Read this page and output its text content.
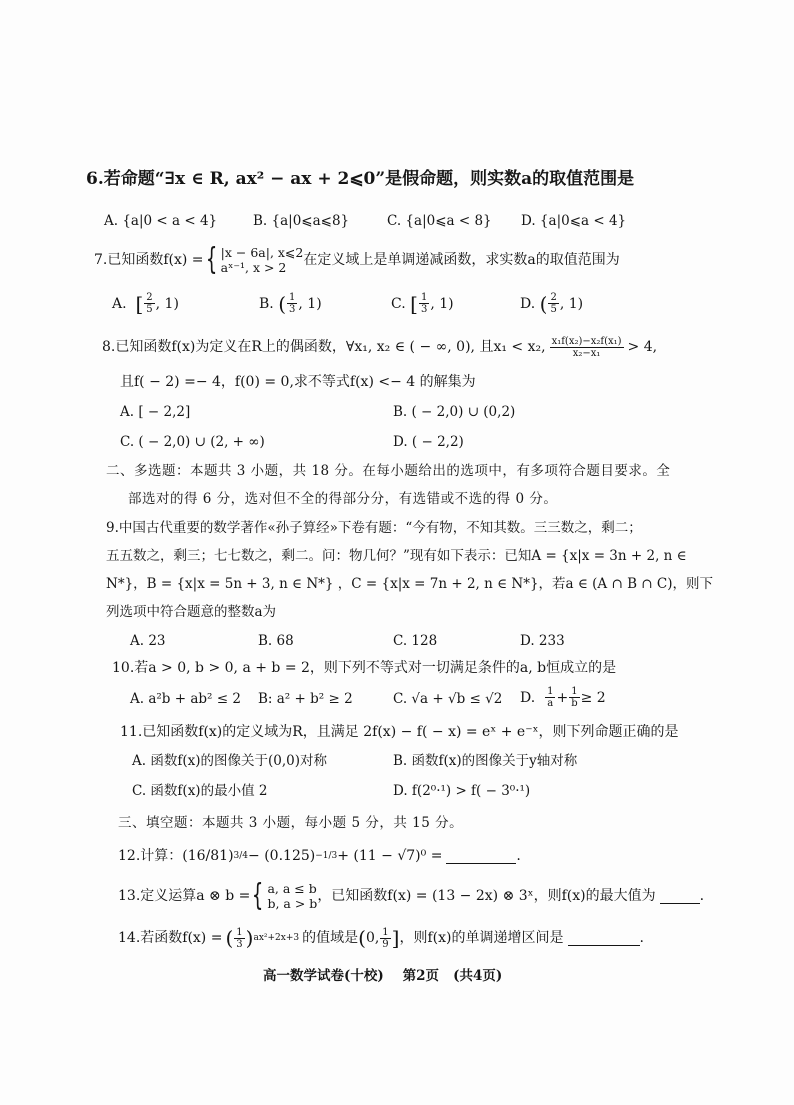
6.若命题“∃x ∈ R, ax² − ax + 2⩽0”是假命题，则实数a的取值范围是
A. {a|0 < a < 4}	B. {a|0⩽a⩽8}	C. {a|0⩽a < 8} D. {a|0⩽a < 4}
7.已知函数f(x) = { |x − 6a|, x⩽2
aˣ⁻¹, x > 2	在定义域上是单调递减函数，求实数a的取值范围为
A.
[ $\frac{2}{5}$ , 1)	B.
( $\frac{1}{3}$ , 1)	C.
[ $\frac{1}{3}$ , 1)	D.
( $\frac{2}{5}$ , 1)
8.已知函数f(x)为定义在R上的偶函数，∀x₁, x₂ ∈ ( − ∞, 0), 且x₁ < x₂, $\frac{\text{x₁f(x₂)−x₂f(x₁)}}{\text{x₂−x₁}} > 4$,
且f( − 2) =− 4，f(0) = 0,求不等式f(x) <− 4 的解集为
A. [ − 2,2]	B. ( − 2,0) ∪ (0,2)
C. ( − 2,0) ∪ (2, + ∞)	D. ( − 2,2)
二、多选题：本题共 3 小题，共 18 分。在每小题给出的选项中，有多项符合题目要求。全
部选对的得 6 分，选对但不全的得部分分，有选错或不选的得 0 分。
9.中国古代重要的数学著作«孙子算经»下卷有题：“今有物，不知其数。三三数之，剩二；
五五数之，剩三；七七数之，剩二。问：物几何？”现有如下表示：已知A = {x|x = 3n + 2, n ∈
N*}，B = {x|x = 5n + 3, n ∈ N*} ，C = {x|x = 7n + 2, n ∈ N*}，若a ∈ (A ∩ B ∩ C)，则下
列选项中符合题意的整数a为
A. 23	B. 68	C. 128	D. 233
10.若a > 0, b > 0, a + b = 2，则下列不等式对一切满足条件的a, b恒成立的是
A. a²b + ab² ≤ 2 B: a² + b² ≥ 2	C. √a + √b ≤ √2 D.
$\frac{1}{a} + \frac{1}{b} \ge 2$
11.已知函数f(x)的定义域为R，且满足 2f(x) − f( − x) = eˣ + e⁻ˣ，则下列命题正确的是
A. 函数f(x)的图像关于(0,0)对称	B. 函数f(x)的图像关于y轴对称
C. 函数f(x)的最小值 2	D. f(2⁰·¹) > f( − 3⁰·¹)
三、填空题：本题共 3 小题，每小题 5 分，共 15 分。
12.计算： (16/81) 3/4 − (0.125) −1/3 + (11 − √7)⁰ =	.
13.定义运算a ⊗ b = { a, a ≤ b
b, a > b ，已知函数f(x) = (13 − 2x) ⊗ 3ˣ，则f(x)的最大值为	.
14.若函数f(x) = ( $\frac{1}{3}$ ) ax²+2x+3 的值域是 ( 0, $\frac{1}{9}$ ] ，则f(x)的单调递增区间是	.
高一数学试卷(十校) 第2页 (共4页)
